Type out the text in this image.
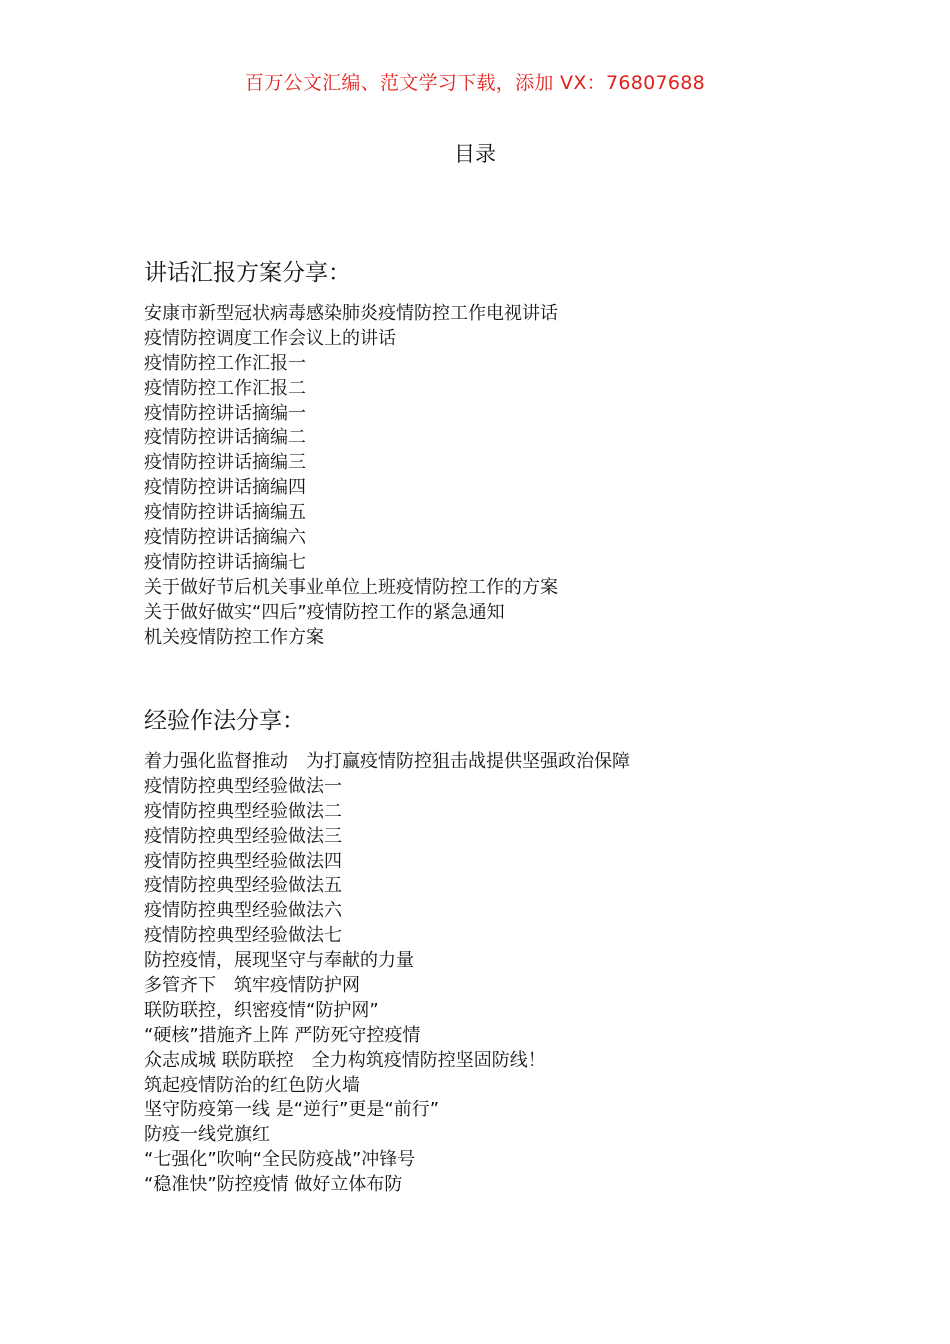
百万公文汇编、范文学习下载，添加 VX：76807688
目录
讲话汇报方案分享：
安康市新型冠状病毒感染肺炎疫情防控工作电视讲话
疫情防控调度工作会议上的讲话
疫情防控工作汇报一
疫情防控工作汇报二
疫情防控讲话摘编一
疫情防控讲话摘编二
疫情防控讲话摘编三
疫情防控讲话摘编四
疫情防控讲话摘编五
疫情防控讲话摘编六
疫情防控讲话摘编七
关于做好节后机关事业单位上班疫情防控工作的方案
关于做好做实“四后”疫情防控工作的紧急通知
机关疫情防控工作方案
经验作法分享：
着力强化监督推动　为打赢疫情防控狙击战提供坚强政治保障
疫情防控典型经验做法一
疫情防控典型经验做法二
疫情防控典型经验做法三
疫情防控典型经验做法四
疫情防控典型经验做法五
疫情防控典型经验做法六
疫情防控典型经验做法七
防控疫情，展现坚守与奉献的力量
多管齐下　筑牢疫情防护网
联防联控，织密疫情“防护网”
“硬核”措施齐上阵 严防死守控疫情
众志成城 联防联控　全力构筑疫情防控坚固防线！
筑起疫情防治的红色防火墙
坚守防疫第一线 是“逆行”更是“前行”
防疫一线党旗红
“七强化”吹响“全民防疫战”冲锋号
“稳准快”防控疫情 做好立体布防
